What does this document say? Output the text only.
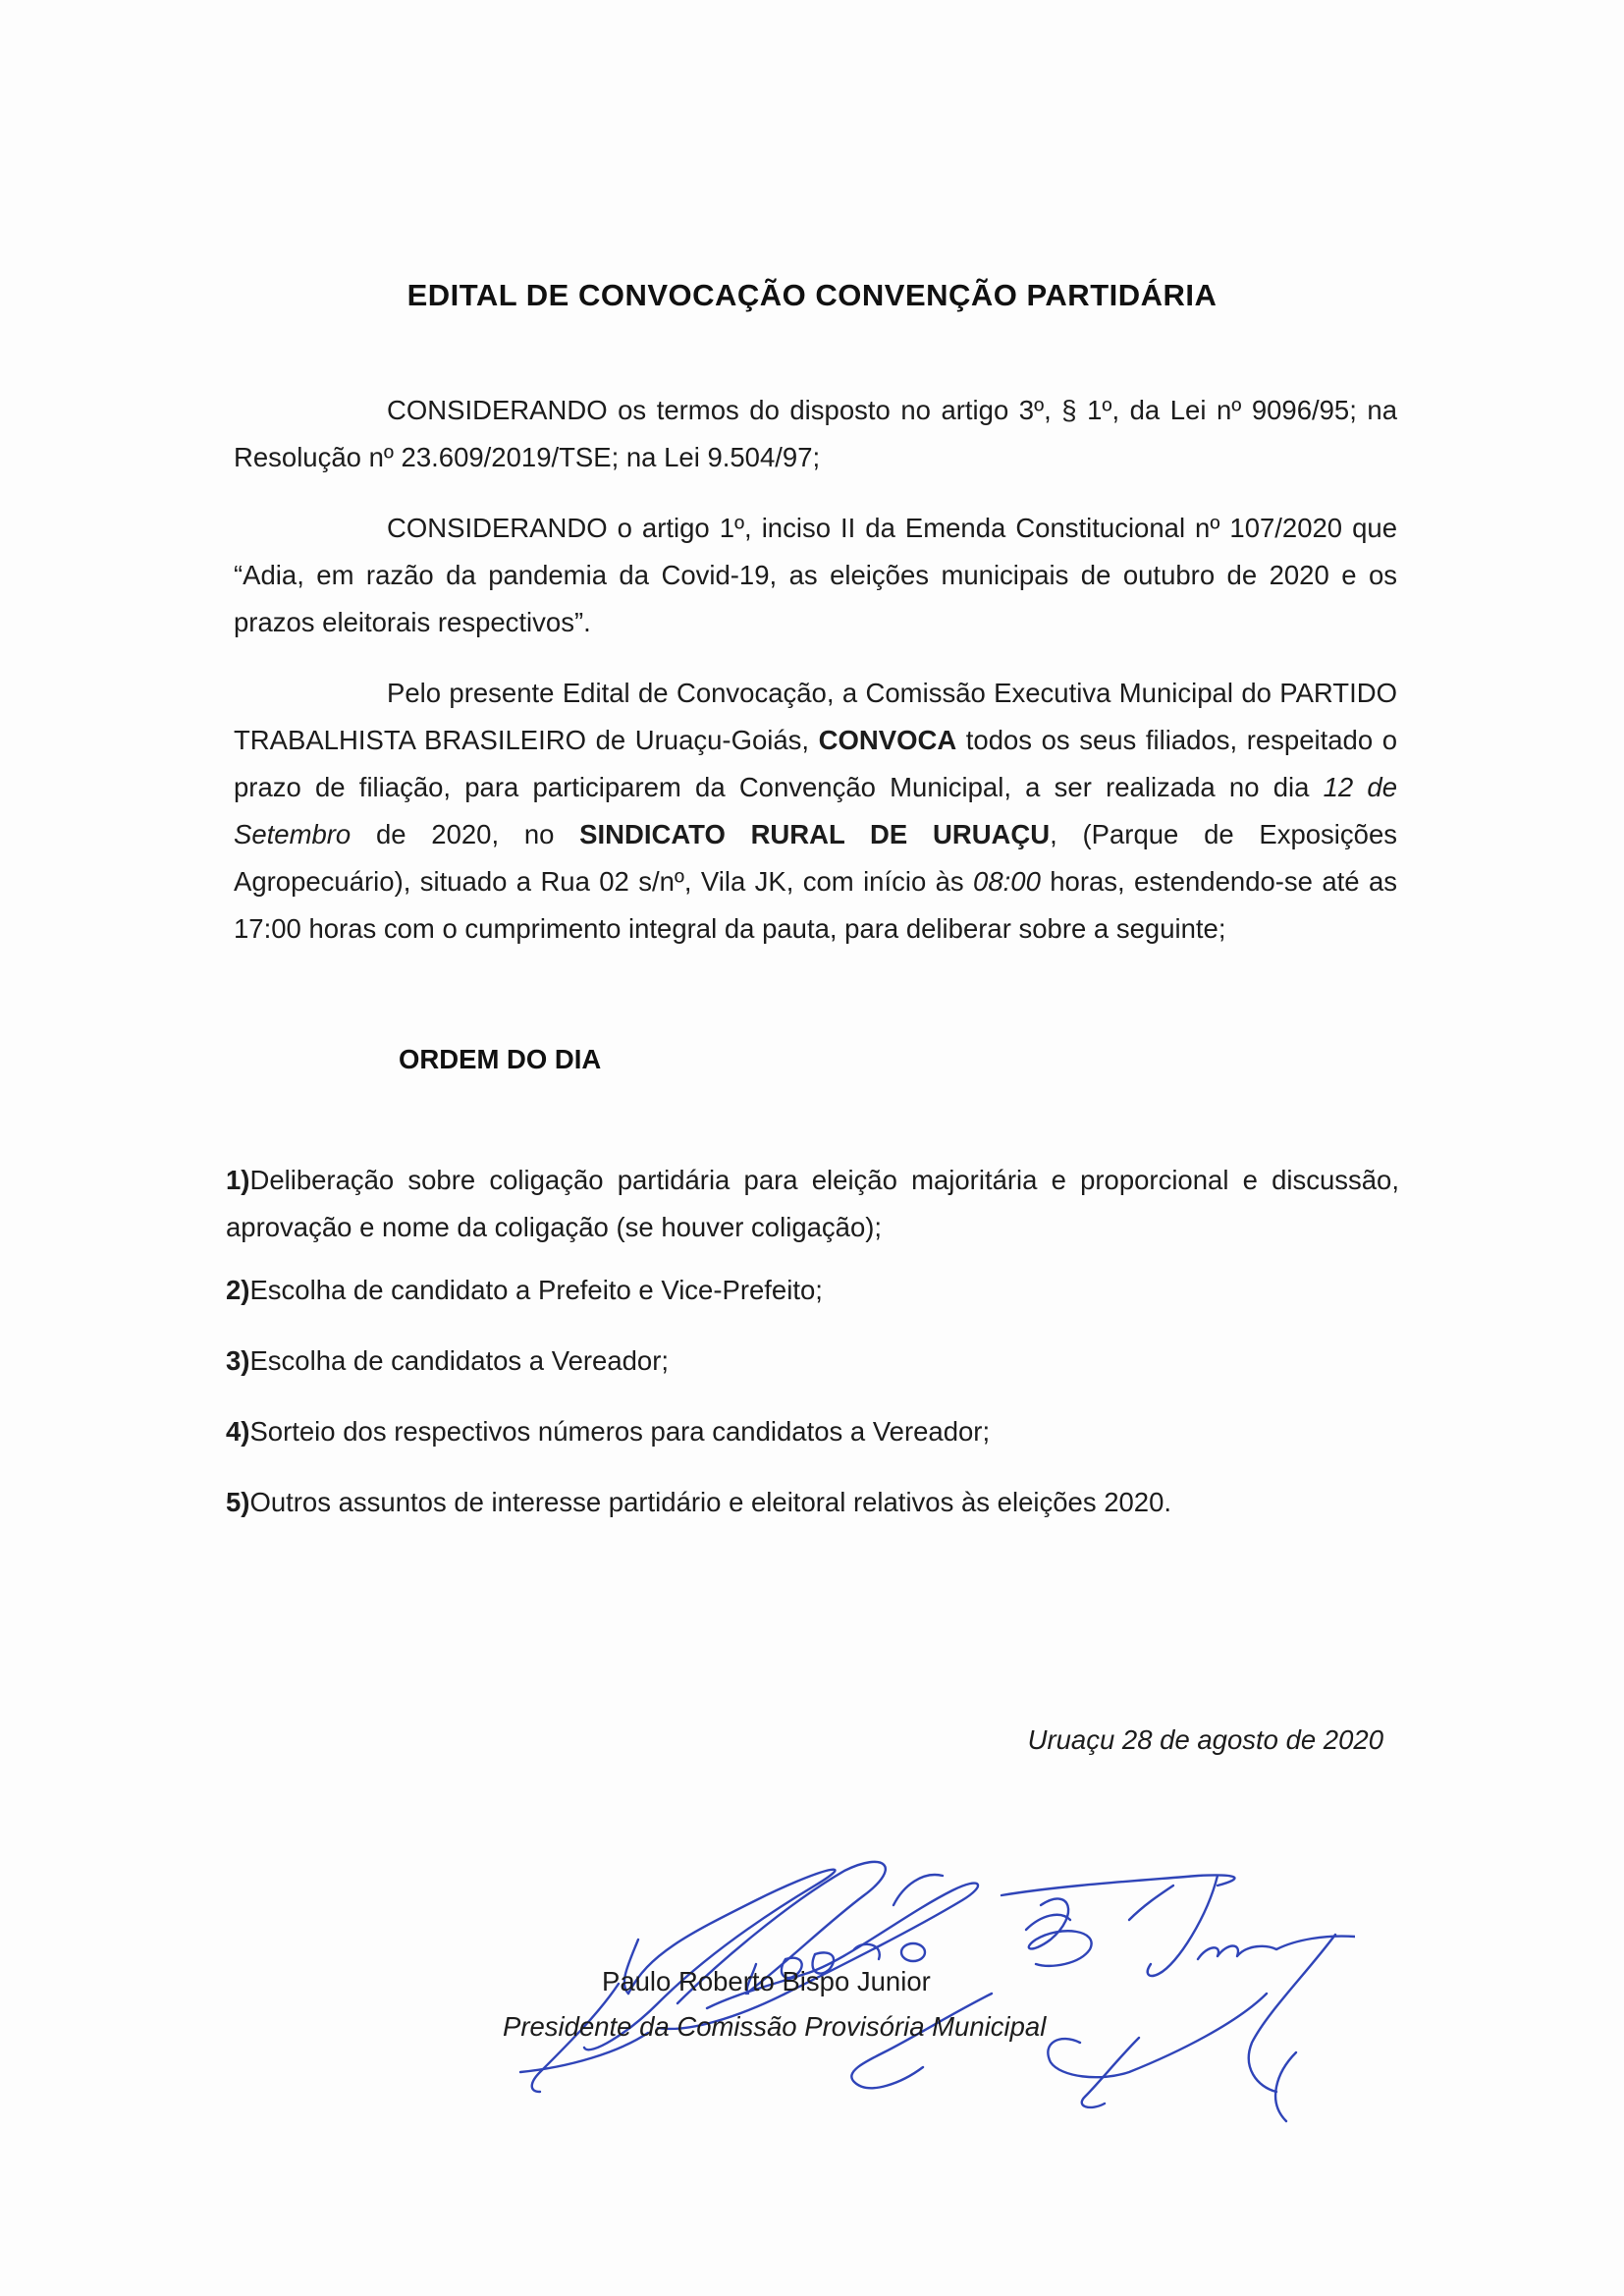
EDITAL DE CONVOCAÇÃO CONVENÇÃO PARTIDÁRIA
CONSIDERANDO os termos do disposto no artigo 3º, § 1º, da Lei nº 9096/95; na Resolução nº 23.609/2019/TSE; na Lei 9.504/97;
CONSIDERANDO o artigo 1º, inciso II da Emenda Constitucional nº 107/2020 que “Adia, em razão da pandemia da Covid-19, as eleições municipais de outubro de 2020 e os prazos eleitorais respectivos”.
Pelo presente Edital de Convocação, a Comissão Executiva Municipal do PARTIDO TRABALHISTA BRASILEIRO de Uruaçu-Goiás, CONVOCA todos os seus filiados, respeitado o prazo de filiação, para participarem da Convenção Municipal, a ser realizada no dia 12 de Setembro de 2020, no SINDICATO RURAL DE URUAÇU, (Parque de Exposições Agropecuário), situado a Rua 02 s/nº, Vila JK, com início às 08:00 horas, estendendo-se até as 17:00 horas com o cumprimento integral da pauta, para deliberar sobre a seguinte;
ORDEM DO DIA
1)Deliberação sobre coligação partidária para eleição majoritária e proporcional e discussão, aprovação e nome da coligação (se houver coligação);
2)Escolha de candidato a Prefeito e Vice-Prefeito;
3)Escolha de candidatos a Vereador;
4)Sorteio dos respectivos números para candidatos a Vereador;
5)Outros assuntos de interesse partidário e eleitoral relativos às eleições 2020.
Uruaçu 28 de agosto de 2020
Paulo Roberto Bispo Junior
Presidente da Comissão Provisória Municipal
